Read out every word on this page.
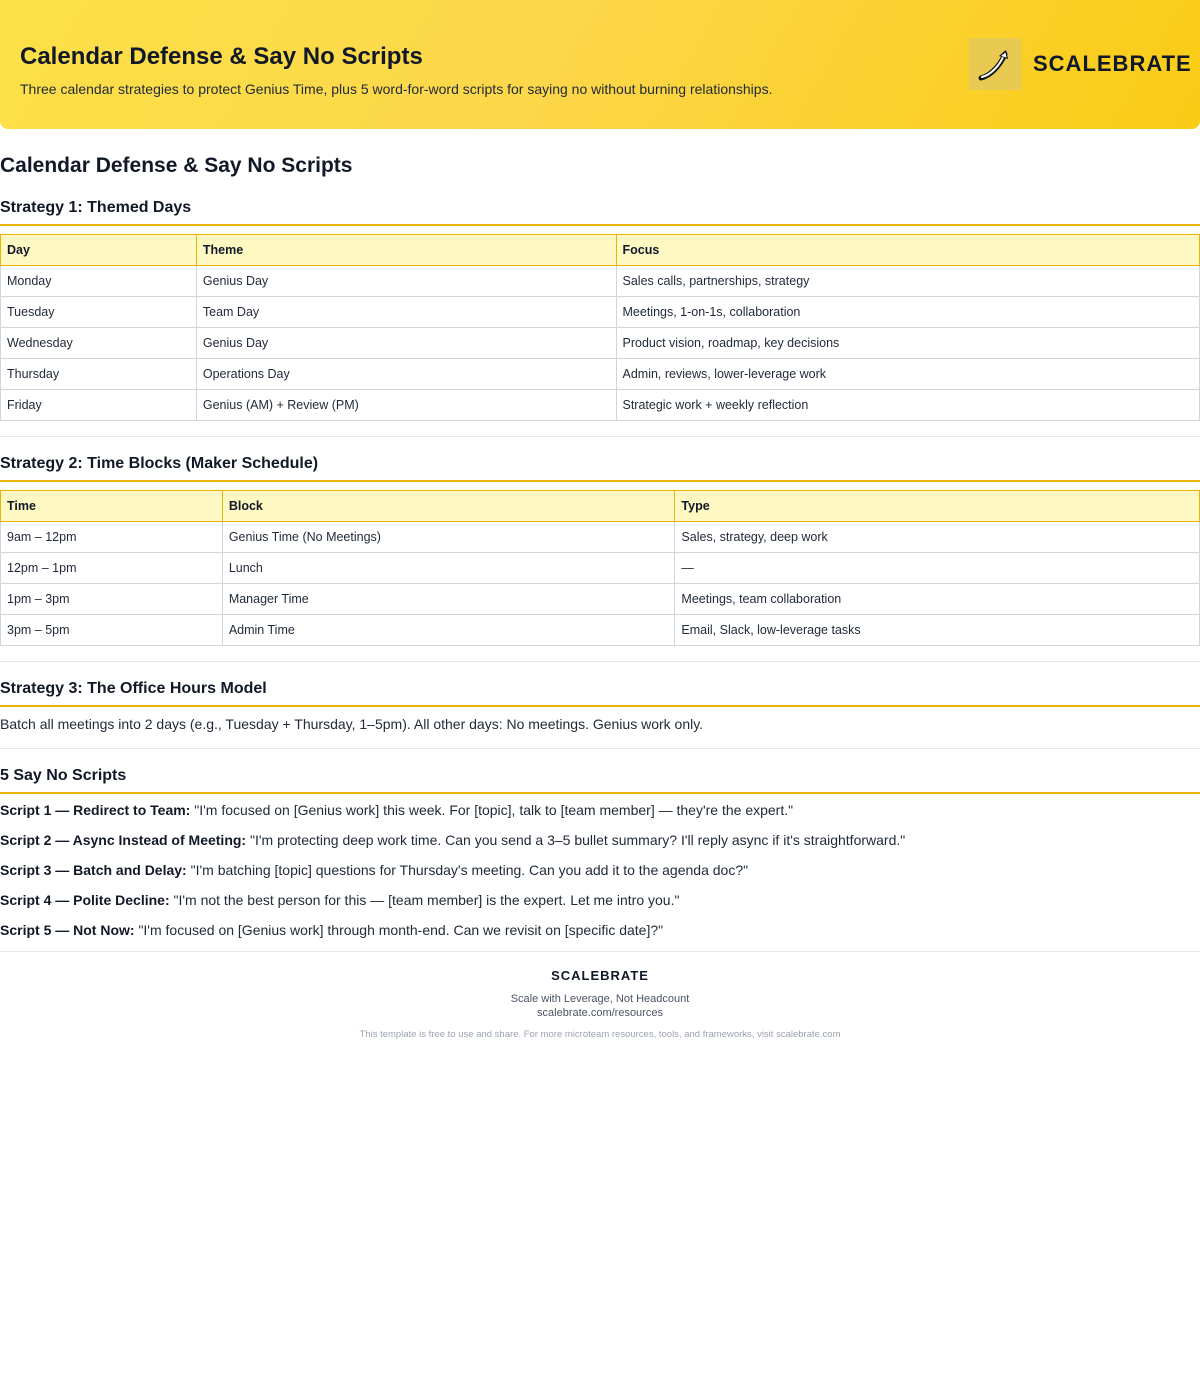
Calendar Defense & Say No Scripts
Three calendar strategies to protect Genius Time, plus 5 word-for-word scripts for saying no without burning relationships.
SCALEBRATE
Calendar Defense & Say No Scripts
Strategy 1: Themed Days
Day	Theme	Focus
Monday	Genius Day	Sales calls, partnerships, strategy
Tuesday	Team Day	Meetings, 1-on-1s, collaboration
Wednesday	Genius Day	Product vision, roadmap, key decisions
Thursday	Operations Day	Admin, reviews, lower-leverage work
Friday	Genius (AM) + Review (PM)	Strategic work + weekly reflection
Strategy 2: Time Blocks (Maker Schedule)
Time	Block	Type
9am – 12pm	Genius Time (No Meetings)	Sales, strategy, deep work
12pm – 1pm	Lunch	—
1pm – 3pm	Manager Time	Meetings, team collaboration
3pm – 5pm	Admin Time	Email, Slack, low-leverage tasks
Strategy 3: The Office Hours Model

Batch all meetings into 2 days (e.g., Tuesday + Thursday, 1–5pm). All other days: No meetings. Genius work only.

5 Say No Scripts
Script 1 — Redirect to Team: "I'm focused on [Genius work] this week. For [topic], talk to [team member] — they're the expert."
Script 2 — Async Instead of Meeting: "I'm protecting deep work time. Can you send a 3–5 bullet summary? I'll reply async if it's straightforward."
Script 3 — Batch and Delay: "I'm batching [topic] questions for Thursday's meeting. Can you add it to the agenda doc?"
Script 4 — Polite Decline: "I'm not the best person for this — [team member] is the expert. Let me intro you."
Script 5 — Not Now: "I'm focused on [Genius work] through month-end. Can we revisit on [specific date]?"
SCALEBRATE
Scale with Leverage, Not Headcount
scalebrate.com/resources
This template is free to use and share. For more microteam resources, tools, and frameworks, visit scalebrate.com
